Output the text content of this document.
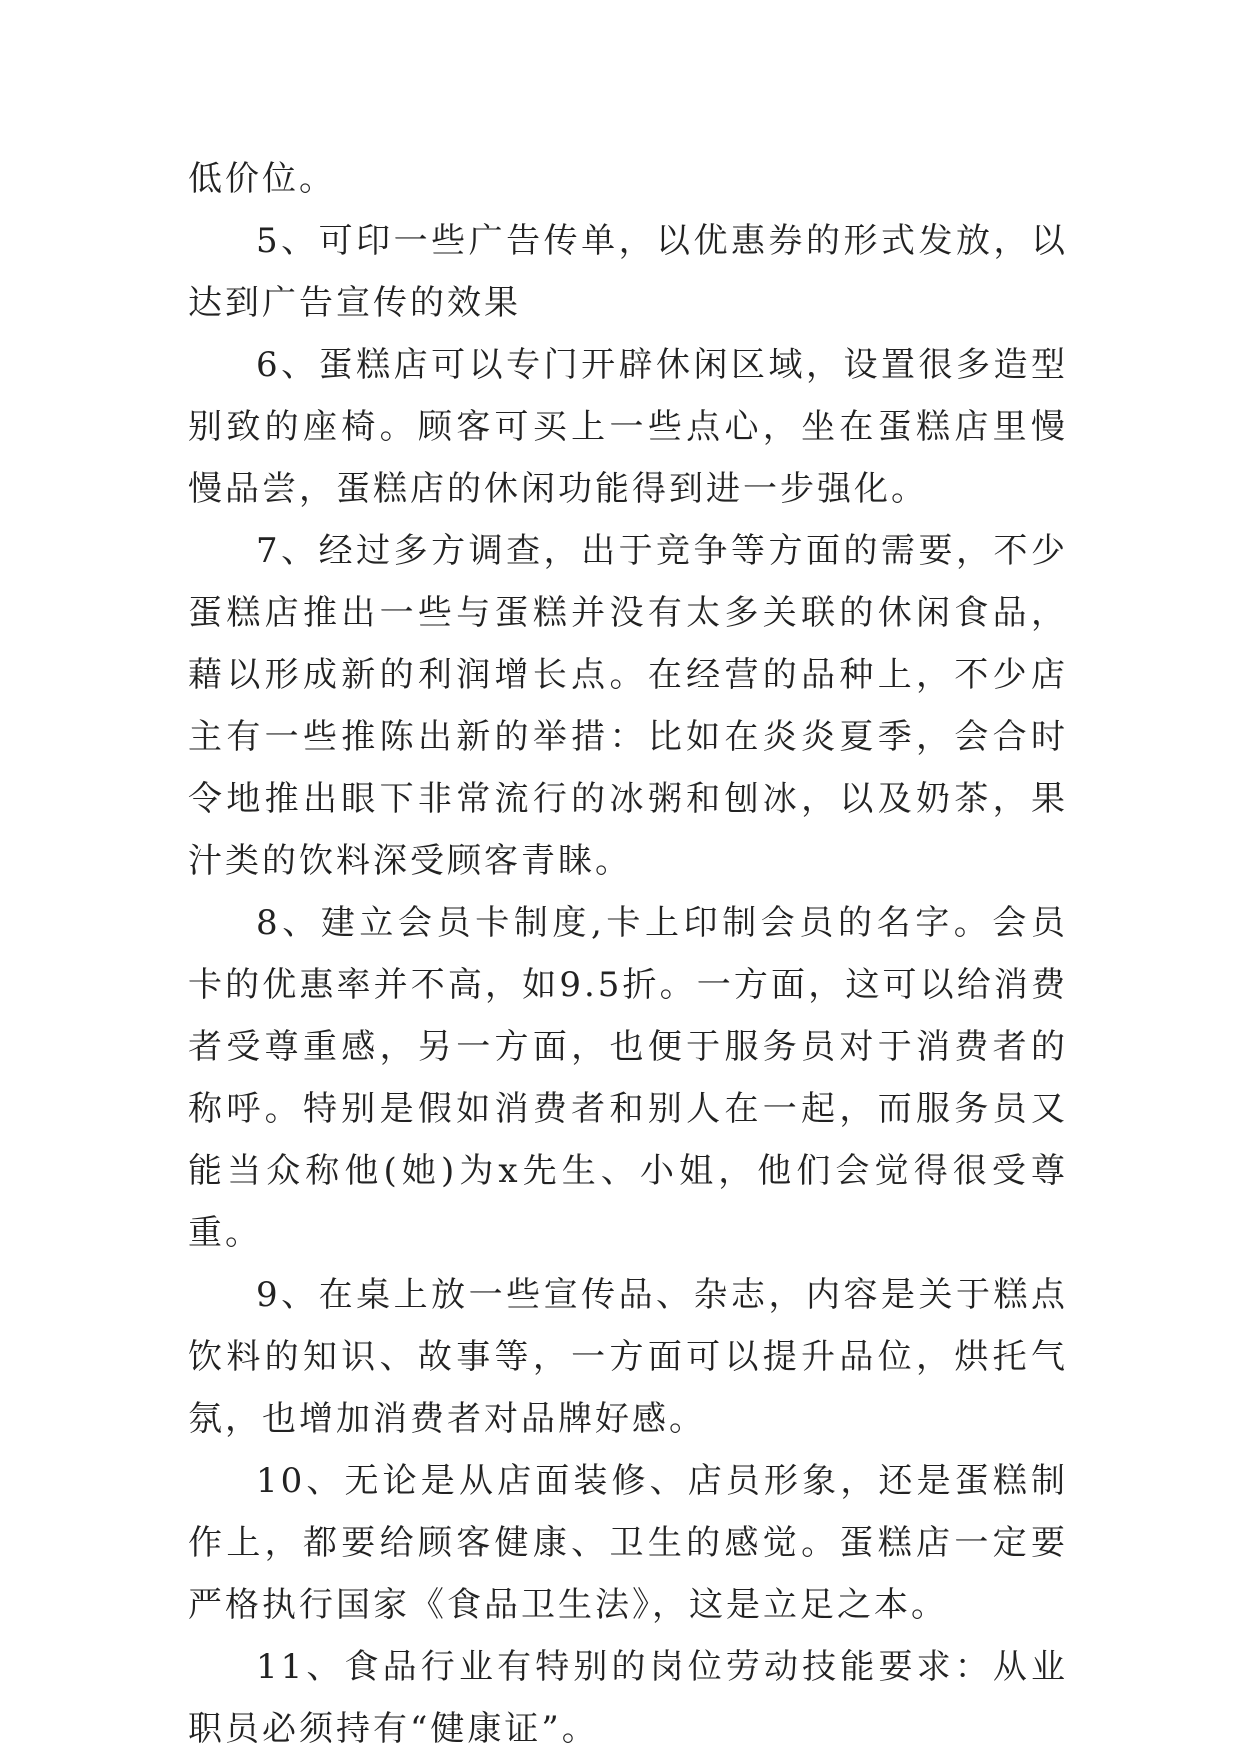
低价位。

5、可印一些广告传单，以优惠券的形式发放，以达到广告宣传的效果

6、蛋糕店可以专门开辟休闲区域，设置很多造型别致的座椅。顾客可买上一些点心，坐在蛋糕店里慢慢品尝，蛋糕店的休闲功能得到进一步强化。

7、经过多方调查，出于竞争等方面的需要，不少蛋糕店推出一些与蛋糕并没有太多关联的休闲食品，藉以形成新的利润增长点。在经营的品种上，不少店主有一些推陈出新的举措：比如在炎炎夏季，会合时令地推出眼下非常流行的冰粥和刨冰，以及奶茶，果汁类的饮料深受顾客青睐。

8、建立会员卡制度,卡上印制会员的名字。会员卡的优惠率并不高，如9.5折。一方面，这可以给消费者受尊重感，另一方面，也便于服务员对于消费者的称呼。特别是假如消费者和别人在一起，而服务员又能当众称他(她)为x先生、小姐，他们会觉得很受尊重。

9、在桌上放一些宣传品、杂志，内容是关于糕点饮料的知识、故事等，一方面可以提升品位，烘托气氛，也增加消费者对品牌好感。

10、无论是从店面装修、店员形象，还是蛋糕制作上，都要给顾客健康、卫生的感觉。蛋糕店一定要严格执行国家《食品卫生法》，这是立足之本。

11、食品行业有特别的岗位劳动技能要求：从业职员必须持有“健康证”。
